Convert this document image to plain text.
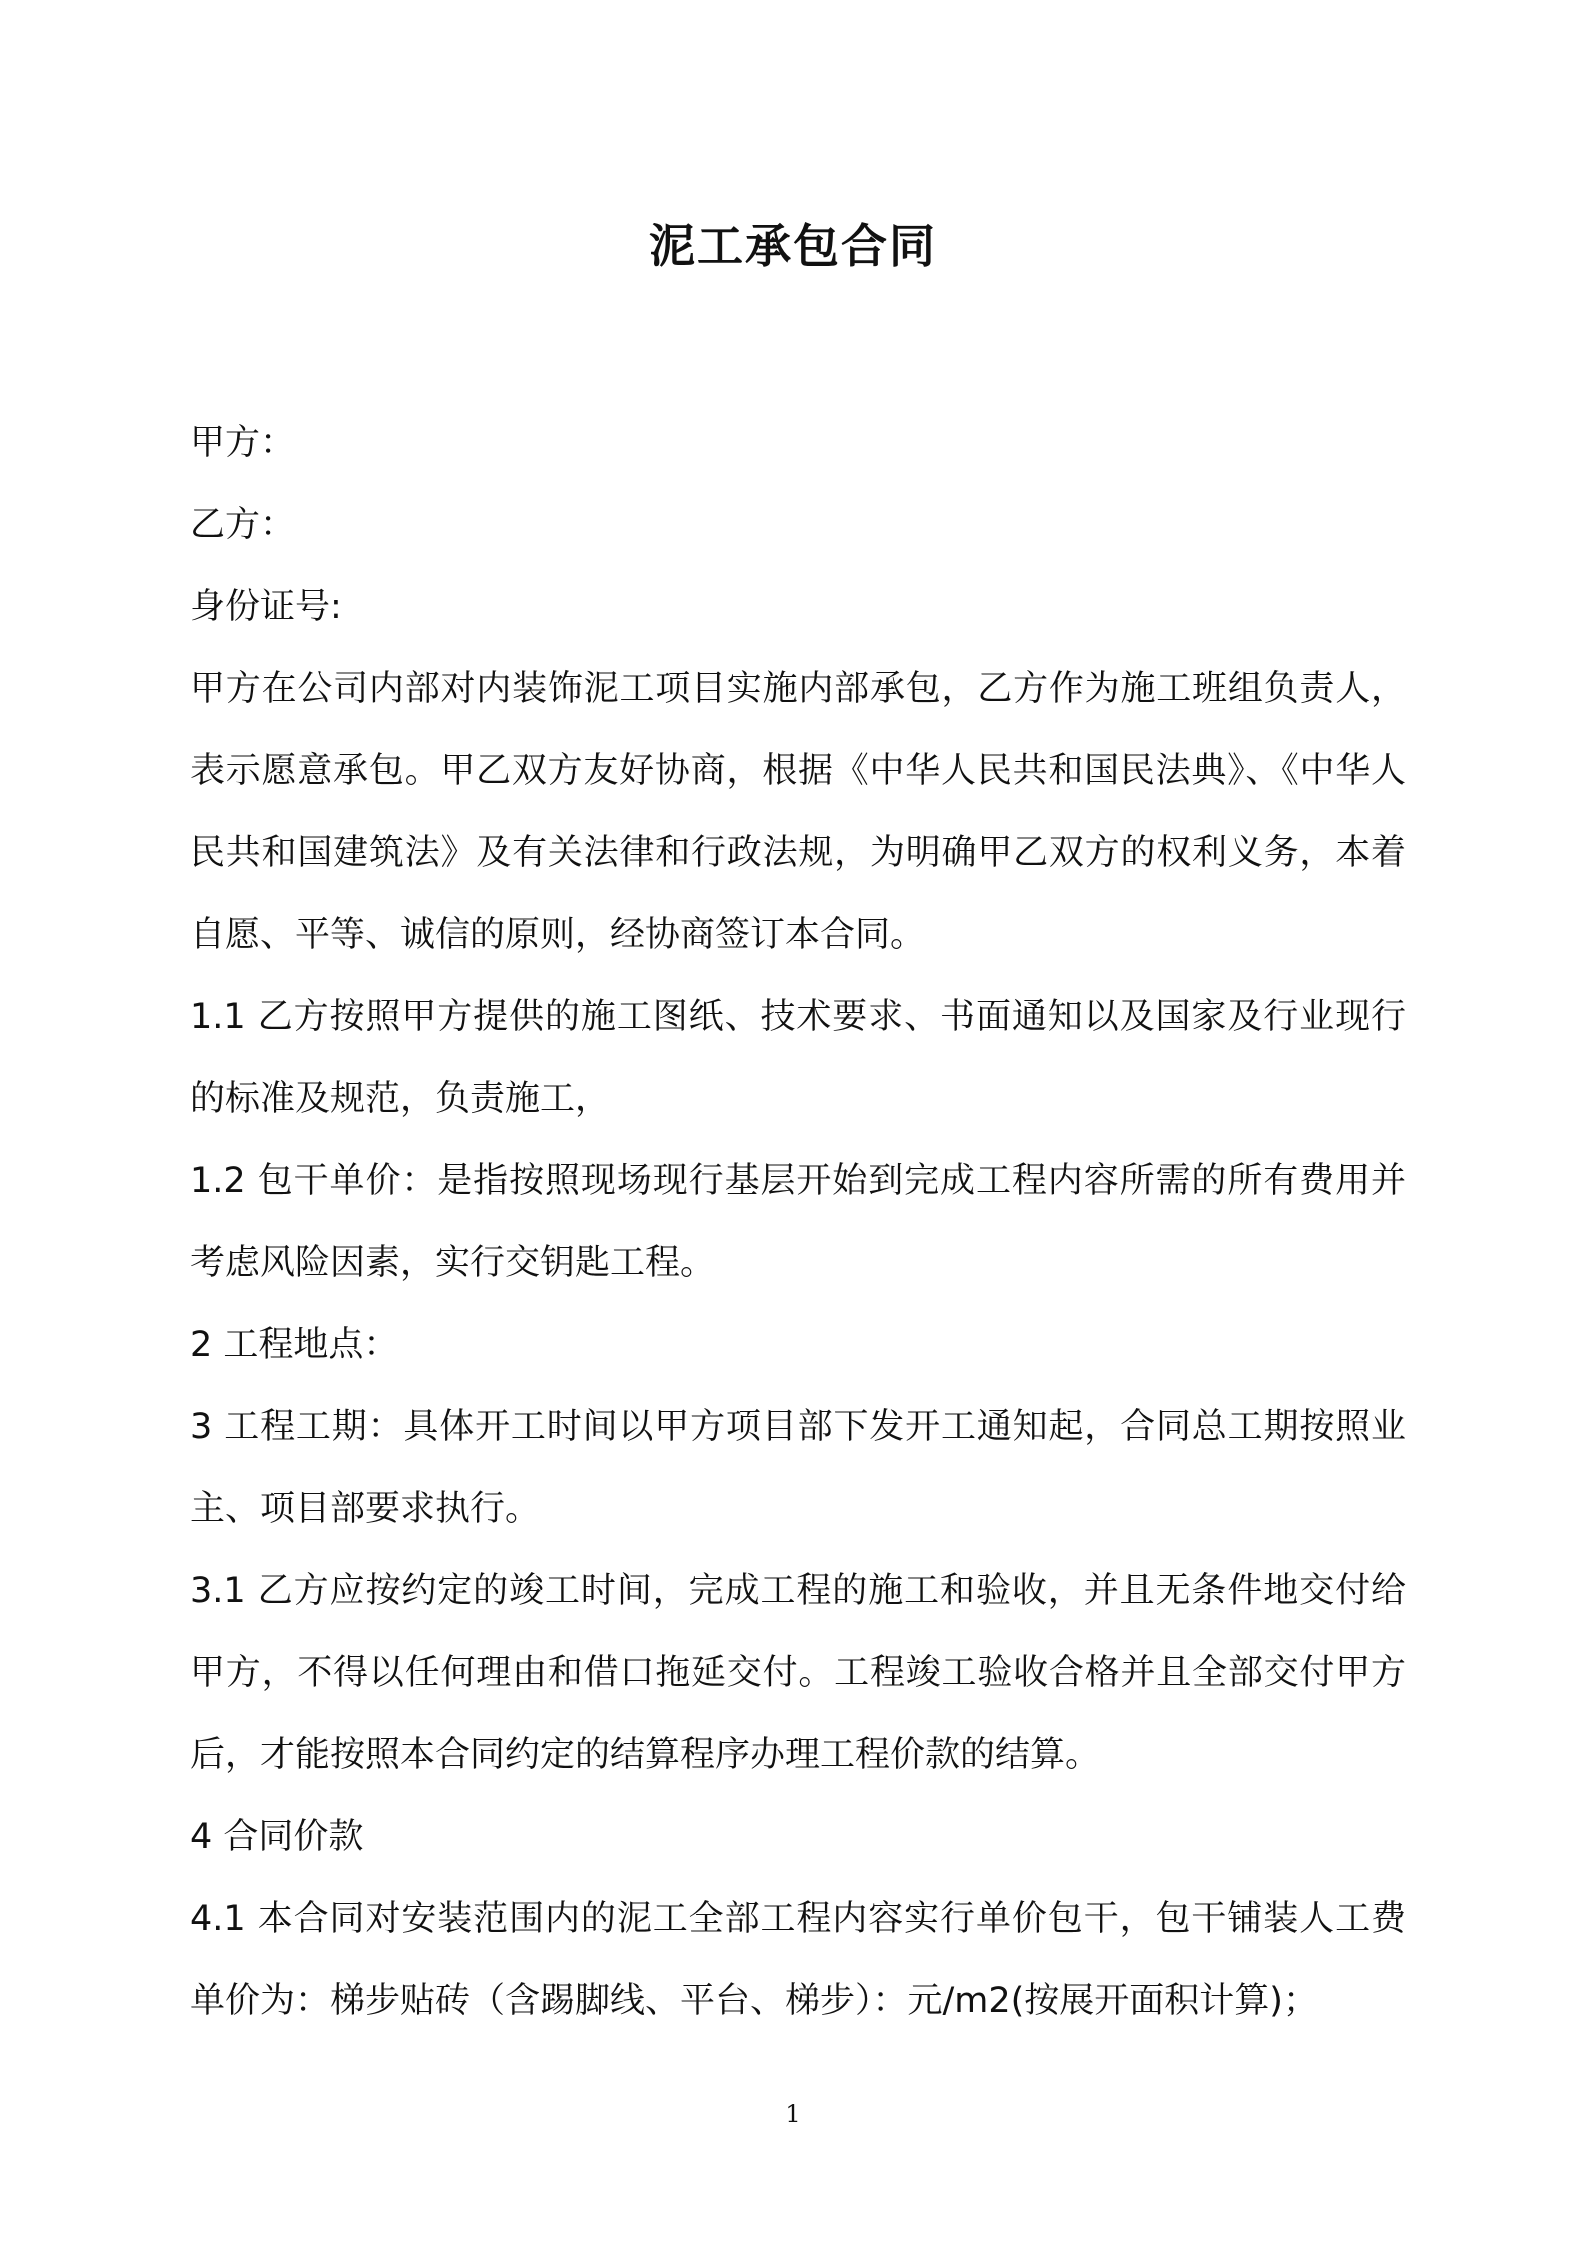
泥工承包合同

甲方：

乙方：

身份证号:

甲方在公司内部对内装饰泥工项目实施内部承包，乙方作为施工班组负责人，表示愿意承包。甲乙双方友好协商，根据《中华人民共和国民法典》、《中华人民共和国建筑法》及有关法律和行政法规，为明确甲乙双方的权利义务，本着自愿、平等、诚信的原则，经协商签订本合同。

1.1 乙方按照甲方提供的施工图纸、技术要求、书面通知以及国家及行业现行的标准及规范，负责施工，

1.2 包干单价：是指按照现场现行基层开始到完成工程内容所需的所有费用并考虑风险因素，实行交钥匙工程。

2 工程地点：

3 工程工期：具体开工时间以甲方项目部下发开工通知起，合同总工期按照业主、项目部要求执行。

3.1 乙方应按约定的竣工时间，完成工程的施工和验收，并且无条件地交付给甲方，不得以任何理由和借口拖延交付。工程竣工验收合格并且全部交付甲方后，才能按照本合同约定的结算程序办理工程价款的结算。

4 合同价款

4.1 本合同对安装范围内的泥工全部工程内容实行单价包干，包干铺装人工费单价为：梯步贴砖（含踢脚线、平台、梯步）：元/m2(按展开面积计算)；

1
